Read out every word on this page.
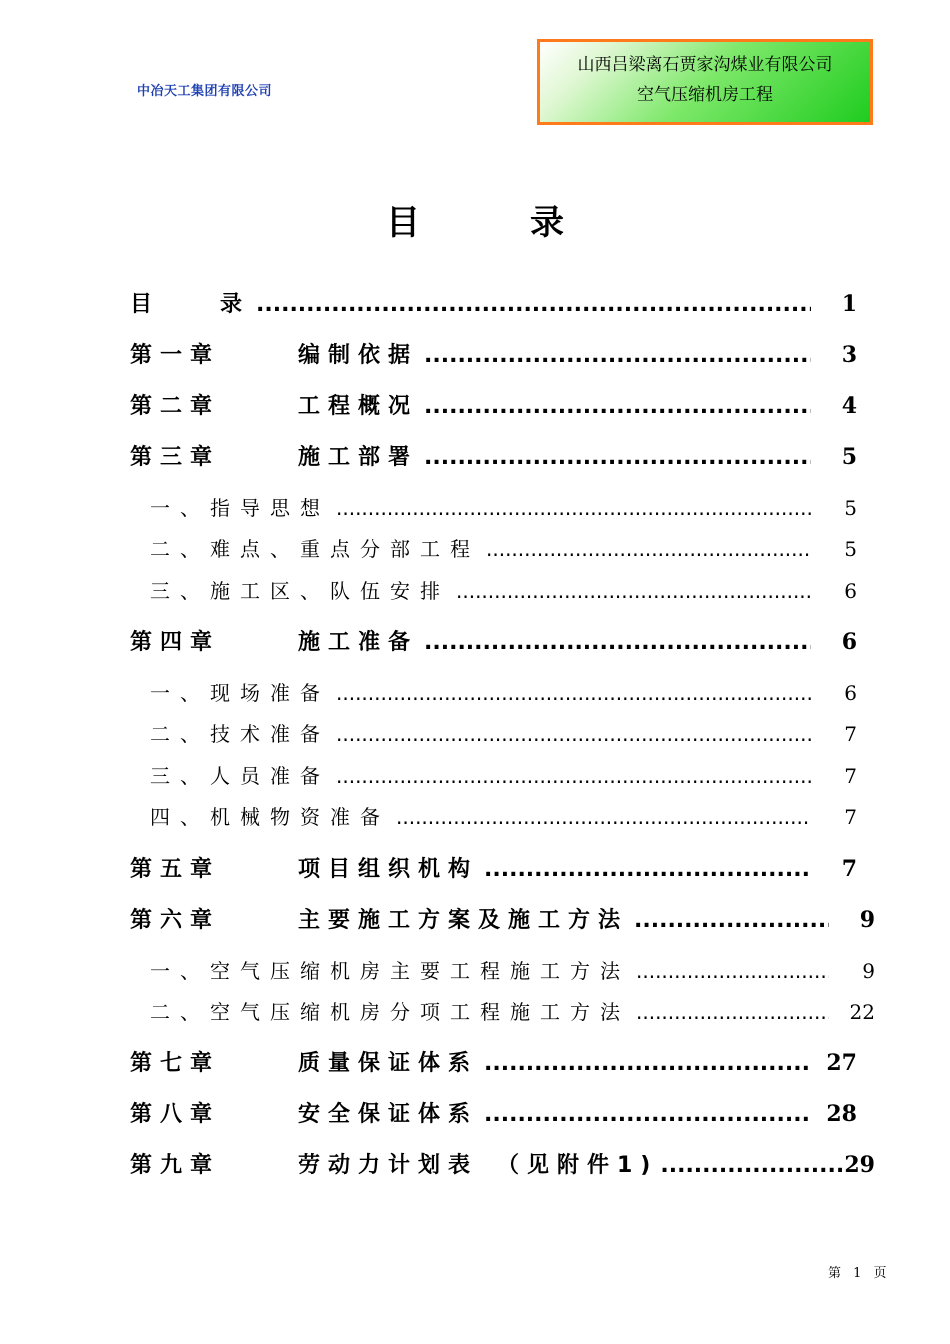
中冶天工集团有限公司
山西吕梁离石贾家沟煤业有限公司
空气压缩机房工程
目	录
目　　录 .....	1
第一章	编制依据 .....	3
第二章	工程概况 .....	4
第三章	施工部署 .....	5
一、指导思想 .....	5
二、难点、重点分部工程 .....	5
三、施工区、队伍安排 .....	6
第四章	施工准备 .....	6
一、现场准备 .....	6
二、技术准备 .....	7
三、人员准备 .....	7
四、机械物资准备 .....	7
第五章	项目组织机构 .....	7
第六章	主要施工方案及施工方法 .....	9
一、空气压缩机房主要工程施工方法 .....	9
二、空气压缩机房分项工程施工方法 .....	22
第七章	质量保证体系 .....	27
第八章	安全保证体系 .....	28
第九章	劳动力计划表　（见附件1) .....	29
第 1 页
